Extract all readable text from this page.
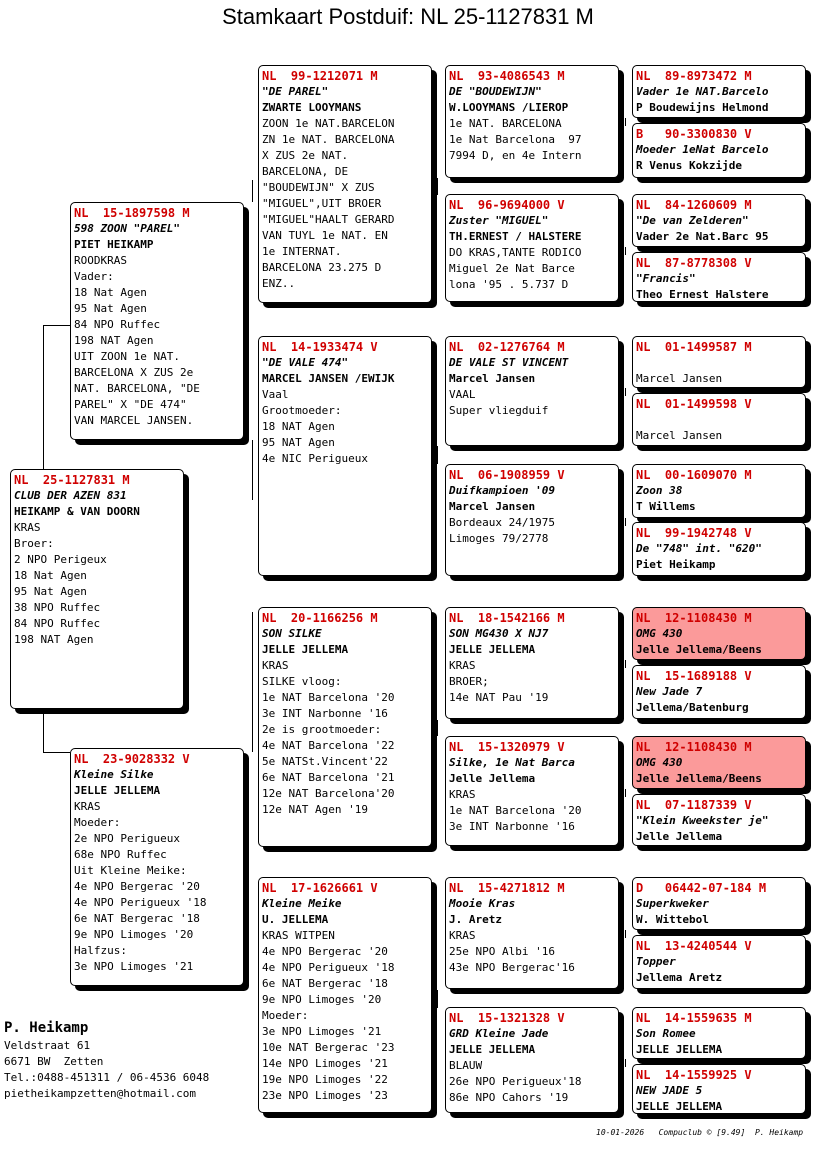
Stamkaart Postduif: NL 25-1127831 M
NL  25-1127831 M
CLUB DER AZEN 831
HEIKAMP & VAN DOORN
KRAS
Broer:
2 NPO Perigeux
18 Nat Agen
95 Nat Agen
38 NPO Ruffec
84 NPO Ruffec
198 NAT Agen
NL  15-1897598 M
598 ZOON "PAREL"
PIET HEIKAMP
ROODKRAS
Vader:
18 Nat Agen
95 Nat Agen
84 NPO Ruffec
198 NAT Agen
UIT ZOON 1e NAT.
BARCELONA X ZUS 2e
NAT. BARCELONA, "DE
PAREL" X "DE 474"
VAN MARCEL JANSEN.
NL  23-9028332 V
Kleine Silke
JELLE JELLEMA
KRAS
Moeder:
2e NPO Perigueux
68e NPO Ruffec
Uit Kleine Meike:
4e NPO Bergerac '20
4e NPO Perigueux '18
6e NAT Bergerac '18
9e NPO Limoges '20
Halfzus:
3e NPO Limoges '21
NL  99-1212071 M
"DE PAREL"
ZWARTE LOOYMANS
ZOON 1e NAT.BARCELON
ZN 1e NAT. BARCELONA
X ZUS 2e NAT.
BARCELONA, DE
"BOUDEWIJN" X ZUS
"MIGUEL",UIT BROER
"MIGUEL"HAALT GERARD
VAN TUYL 1e NAT. EN
1e INTERNAT.
BARCELONA 23.275 D
ENZ..
NL  14-1933474 V
"DE VALE 474"
MARCEL JANSEN /EWIJK
Vaal
Grootmoeder:
18 NAT Agen
95 NAT Agen
4e NIC Perigueux
NL  20-1166256 M
SON SILKE
JELLE JELLEMA
KRAS
SILKE vloog:
1e NAT Barcelona '20
3e INT Narbonne '16
2e is grootmoeder:
4e NAT Barcelona '22
5e NATSt.Vincent'22
6e NAT Barcelona '21
12e NAT Barcelona'20
12e NAT Agen '19
NL  17-1626661 V
Kleine Meike
U. JELLEMA
KRAS WITPEN
4e NPO Bergerac '20
4e NPO Perigueux '18
6e NAT Bergerac '18
9e NPO Limoges '20
Moeder:
3e NPO Limoges '21
10e NAT Bergerac '23
14e NPO Limoges '21
19e NPO Limoges '22
23e NPO Limoges '23
NL  93-4086543 M
DE "BOUDEWIJN"
W.LOOYMANS /LIEROP
1e NAT. BARCELONA
1e Nat Barcelona  97
7994 D, en 4e Intern
NL  96-9694000 V
Zuster "MIGUEL"
TH.ERNEST / HALSTERE
DO KRAS,TANTE RODICO
Miguel 2e Nat Barce
lona '95 . 5.737 D
NL  02-1276764 M
DE VALE ST VINCENT
Marcel Jansen
VAAL
Super vliegduif
NL  06-1908959 V
Duifkampioen '09
Marcel Jansen
Bordeaux 24/1975
Limoges 79/2778
NL  18-1542166 M
SON MG430 X NJ7
JELLE JELLEMA
KRAS
BROER;
14e NAT Pau '19
NL  15-1320979 V
Silke, 1e Nat Barca
Jelle Jellema
KRAS
1e NAT Barcelona '20
3e INT Narbonne '16
NL  15-4271812 M
Mooie Kras
J. Aretz
KRAS
25e NPO Albi '16
43e NPO Bergerac'16
NL  15-1321328 V
GRD Kleine Jade
JELLE JELLEMA
BLAUW
26e NPO Perigueux'18
86e NPO Cahors '19
NL  89-8973472 M
Vader 1e NAT.Barcelo
P Boudewijns Helmond
B   90-3300830 V
Moeder 1eNat Barcelo
R Venus Kokzijde
NL  84-1260609 M
"De van Zelderen"
Vader 2e Nat.Barc 95
NL  87-8778308 V
"Francis"
Theo Ernest Halstere
NL  01-1499587 M
Marcel Jansen
NL  01-1499598 V
Marcel Jansen
NL  00-1609070 M
Zoon 38
T Willems
NL  99-1942748 V
De "748" int. "620"
Piet Heikamp
NL  12-1108430 M
OMG 430
Jelle Jellema/Beens
NL  15-1689188 V
New Jade 7
Jellema/Batenburg
NL  12-1108430 M
OMG 430
Jelle Jellema/Beens
NL  07-1187339 V
"Klein Kweekster je"
Jelle Jellema
D   06442-07-184 M
Superkweker
W. Wittebol
NL  13-4240544 V
Topper
Jellema Aretz
NL  14-1559635 M
Son Romee
JELLE JELLEMA
NL  14-1559925 V
NEW JADE 5
JELLE JELLEMA
P. Heikamp
Veldstraat 61
6671 BW  Zetten
Tel.:0488-451311 / 06-4536 6048
pietheikampzetten@hotmail.com
10-01-2026   Compuclub © [9.49]  P. Heikamp
